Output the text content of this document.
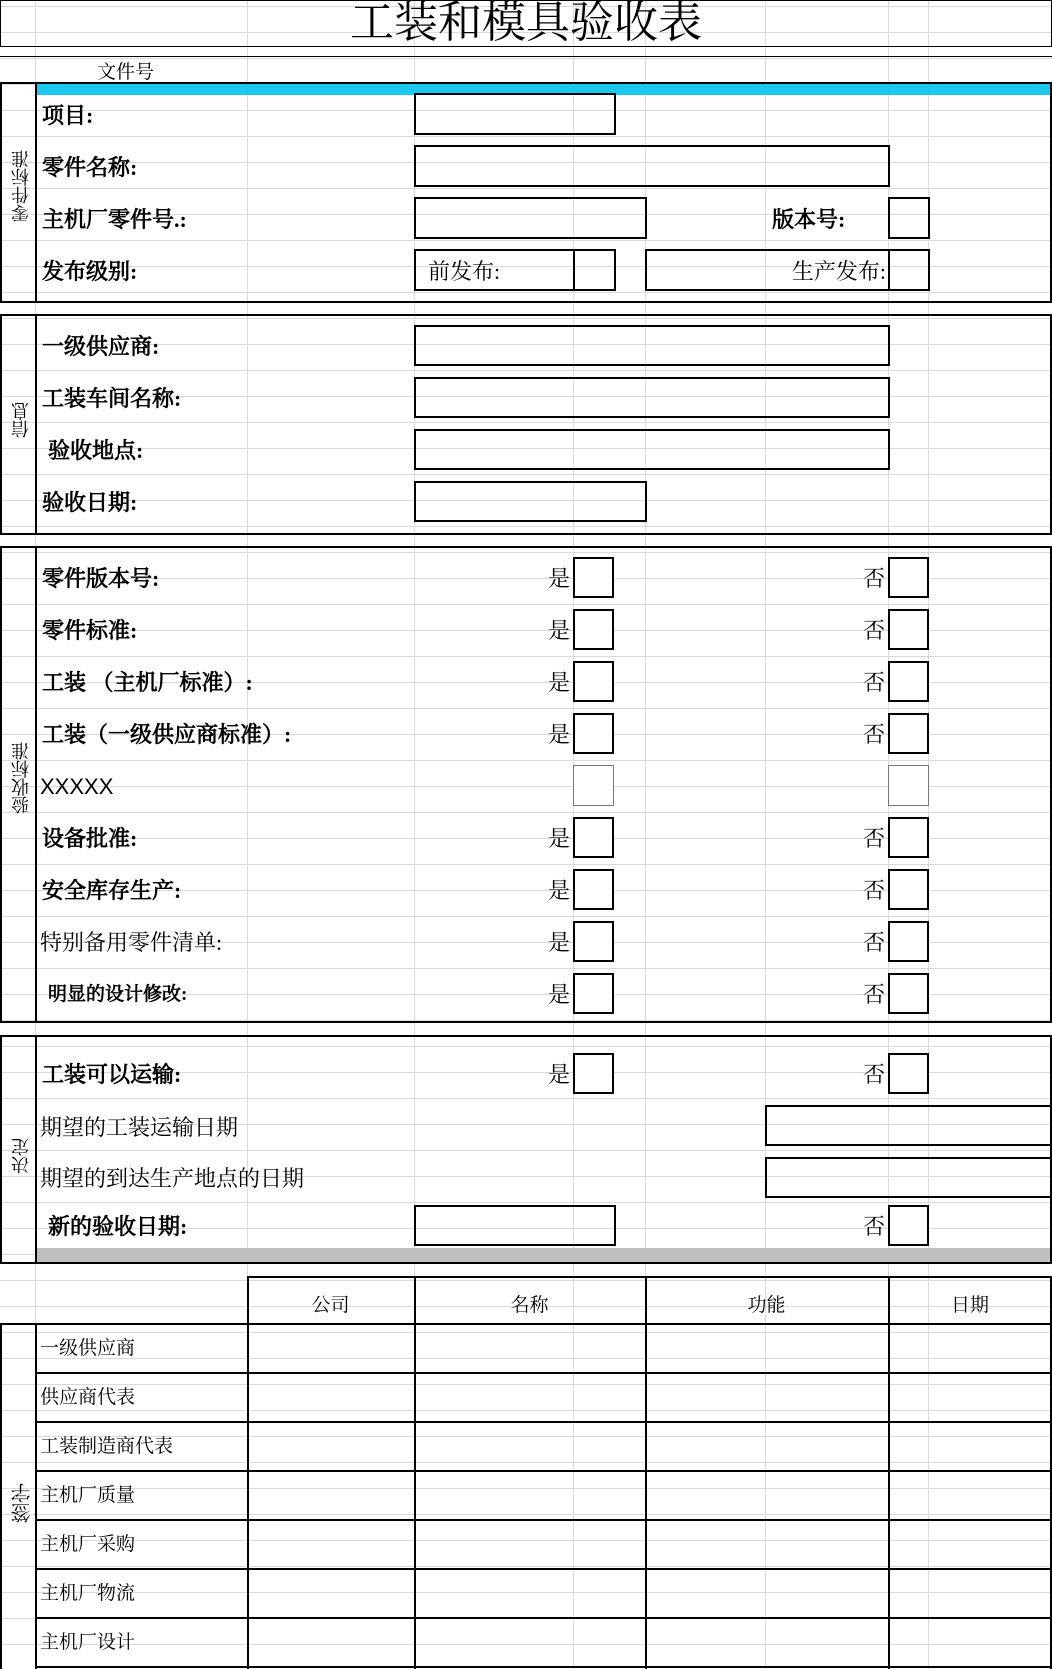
工装和模具验收表
文件号
零件标准
项目:
零件名称:
主机厂零件号.:	版本号:
发布级别:	前发布:	生产发布:
信息
一级供应商:
工装车间名称:
验收地点:
验收日期:
验收标准
零件版本号:	是	否
零件标准:	是	否
工装 （主机厂标准）:	是	否
工装（一级供应商标准）:	是	否
XXXXX
设备批准:	是	否
安全库存生产:	是	否
特别备用零件清单:	是	否
明显的设计修改:	是	否
决定
工装可以运输:	是	否
期望的工装运输日期
期望的到达生产地点的日期
新的验收日期:	否
公司	名称	功能	日期
一级供应商
供应商代表
工装制造商代表
主机厂质量
主机厂采购
主机厂物流
主机厂设计
签字
